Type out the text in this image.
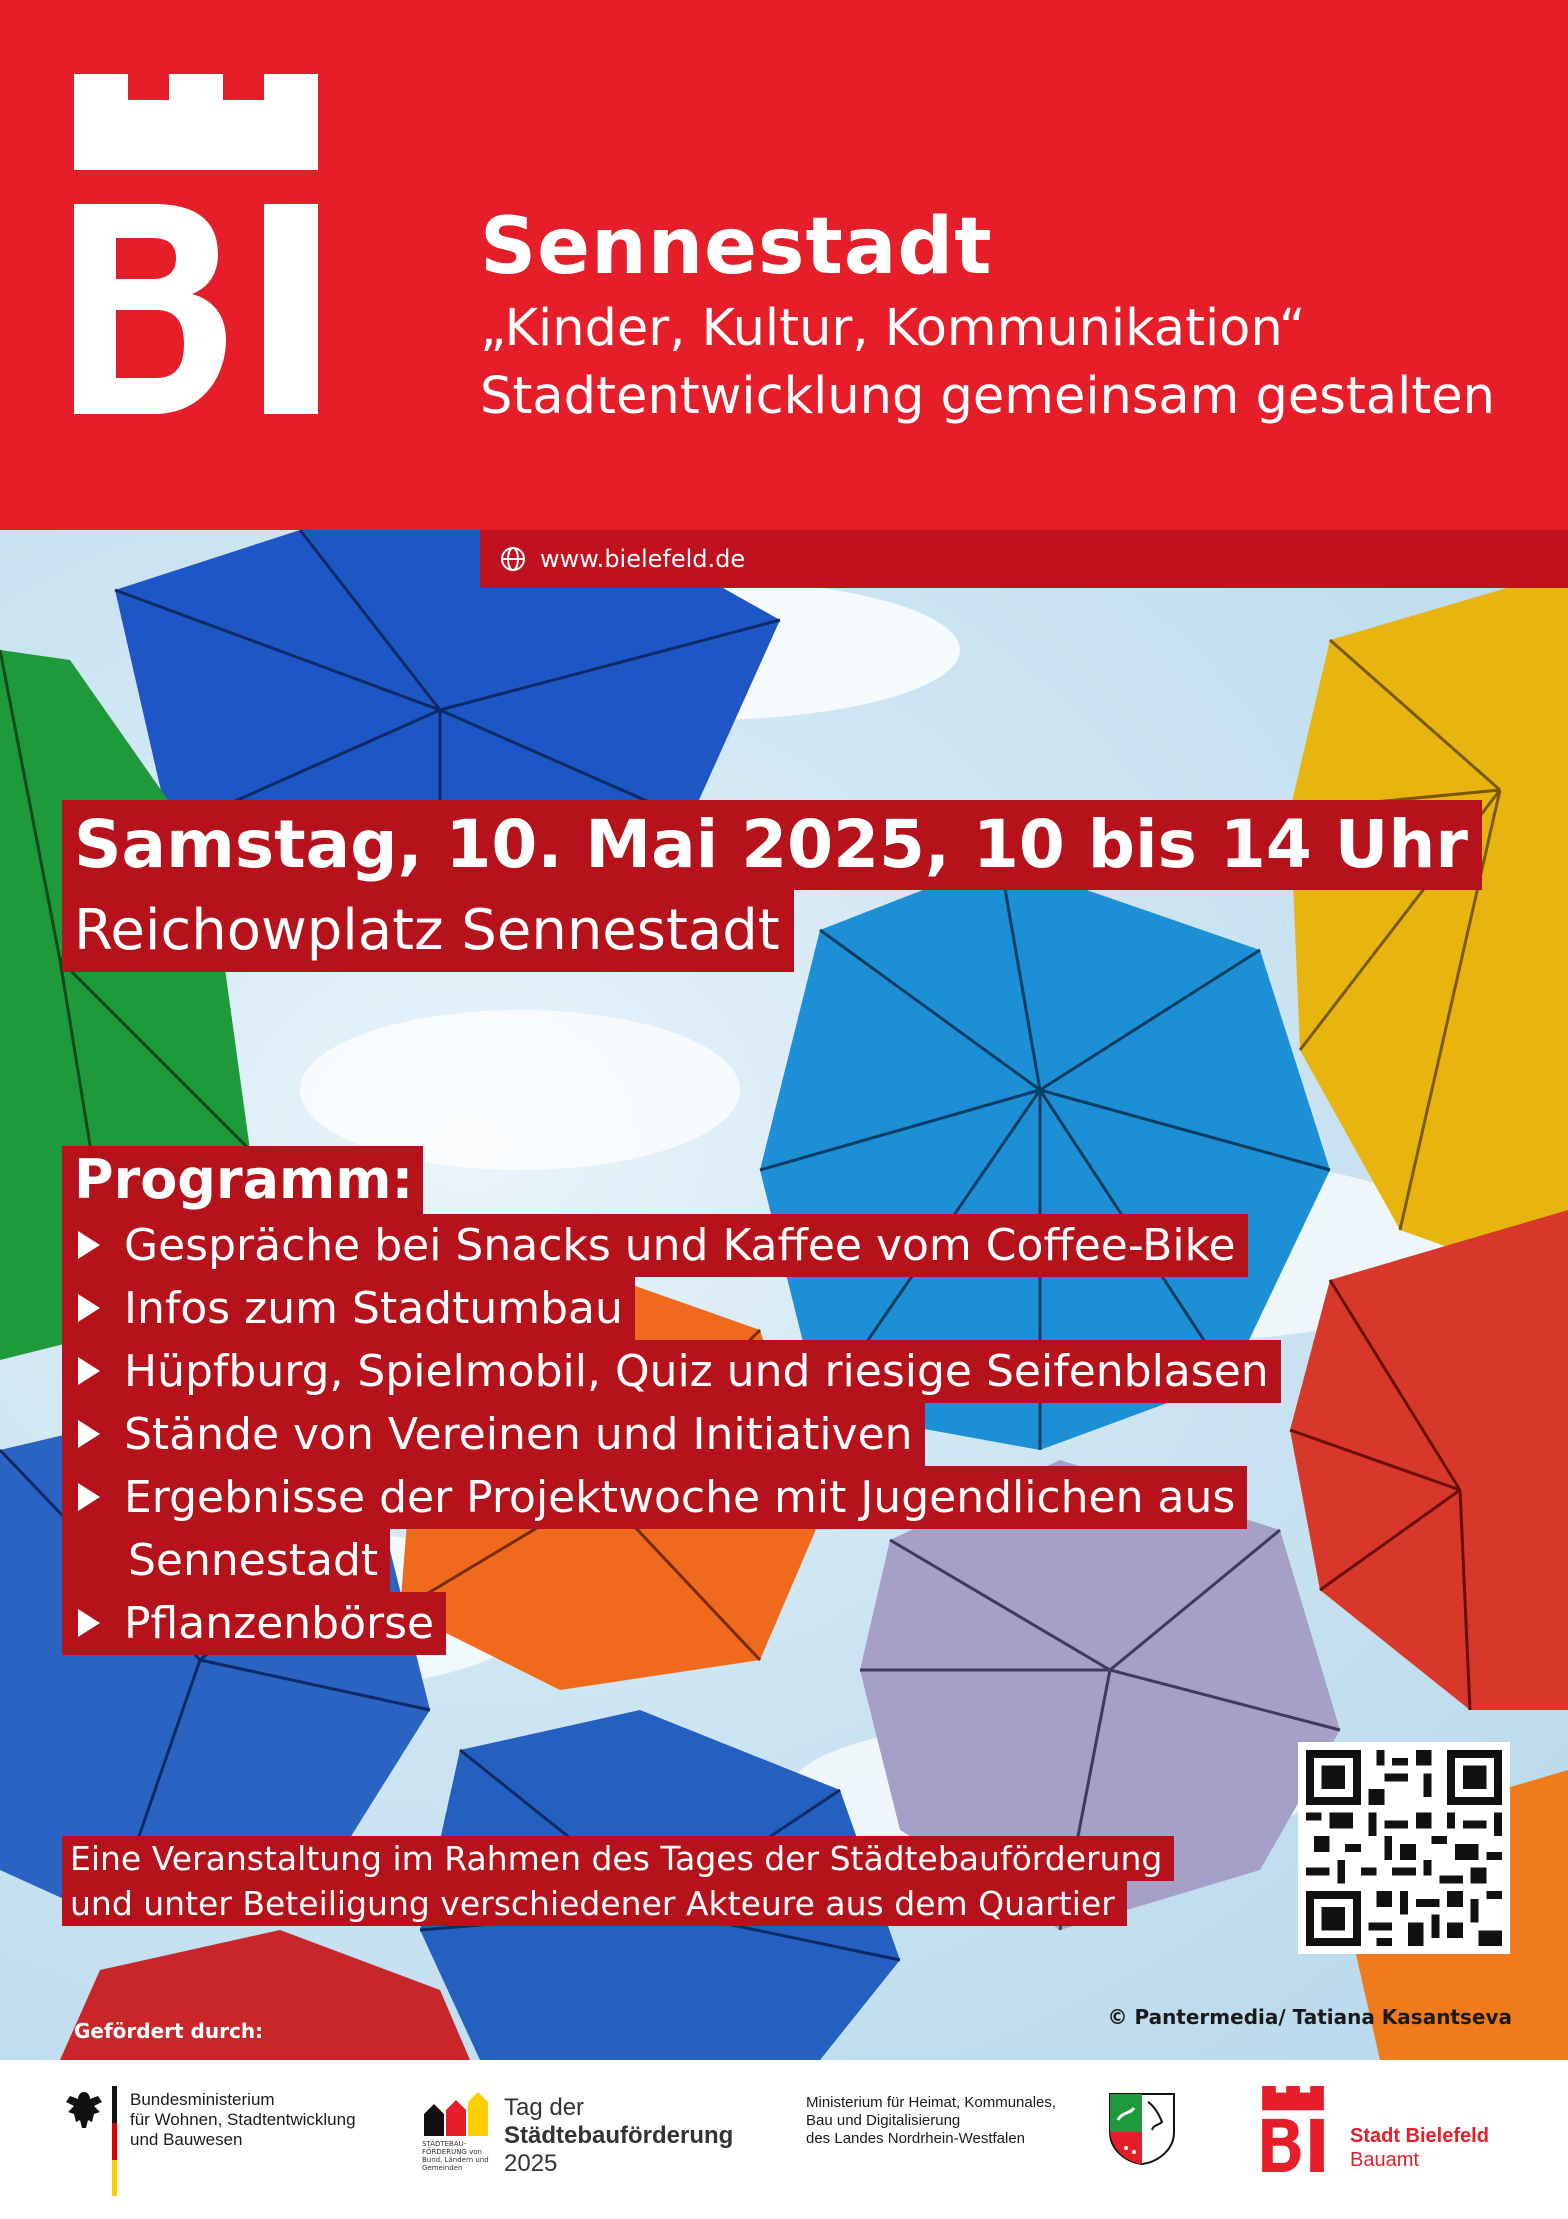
Sennestadt
„Kinder, Kultur, Kommunikation“
Stadtentwicklung gemeinsam gestalten
www.bielefeld.de
Samstag, 10. Mai 2025, 10 bis 14 Uhr
Reichowplatz Sennestadt
Programm:
Gespräche bei Snacks und Kaffee vom Coffee-Bike
Infos zum Stadtumbau
Hüpfburg, Spielmobil, Quiz und riesige Seifenblasen
Stände von Vereinen und Initiativen
Ergebnisse der Projektwoche mit Jugendlichen aus
Sennestadt
Pflanzenbörse
Eine Veranstaltung im Rahmen des Tages der Städtebauförderung
und unter Beteiligung verschiedener Akteure aus dem Quartier
Gefördert durch:
© Pantermedia/ Tatiana Kasantseva
Bundesministerium
für Wohnen, Stadtentwicklung
und Bauwesen	STÄDTEBAU-FÖRDERUNG von Bund, Ländern und Gemeinden
Tag der
Städtebauförderung
2025
Ministerium für Heimat, Kommunales,
Bau und Digitalisierung
des Landes Nordrhein-Westfalen	Stadt Bielefeld
Bauamt
